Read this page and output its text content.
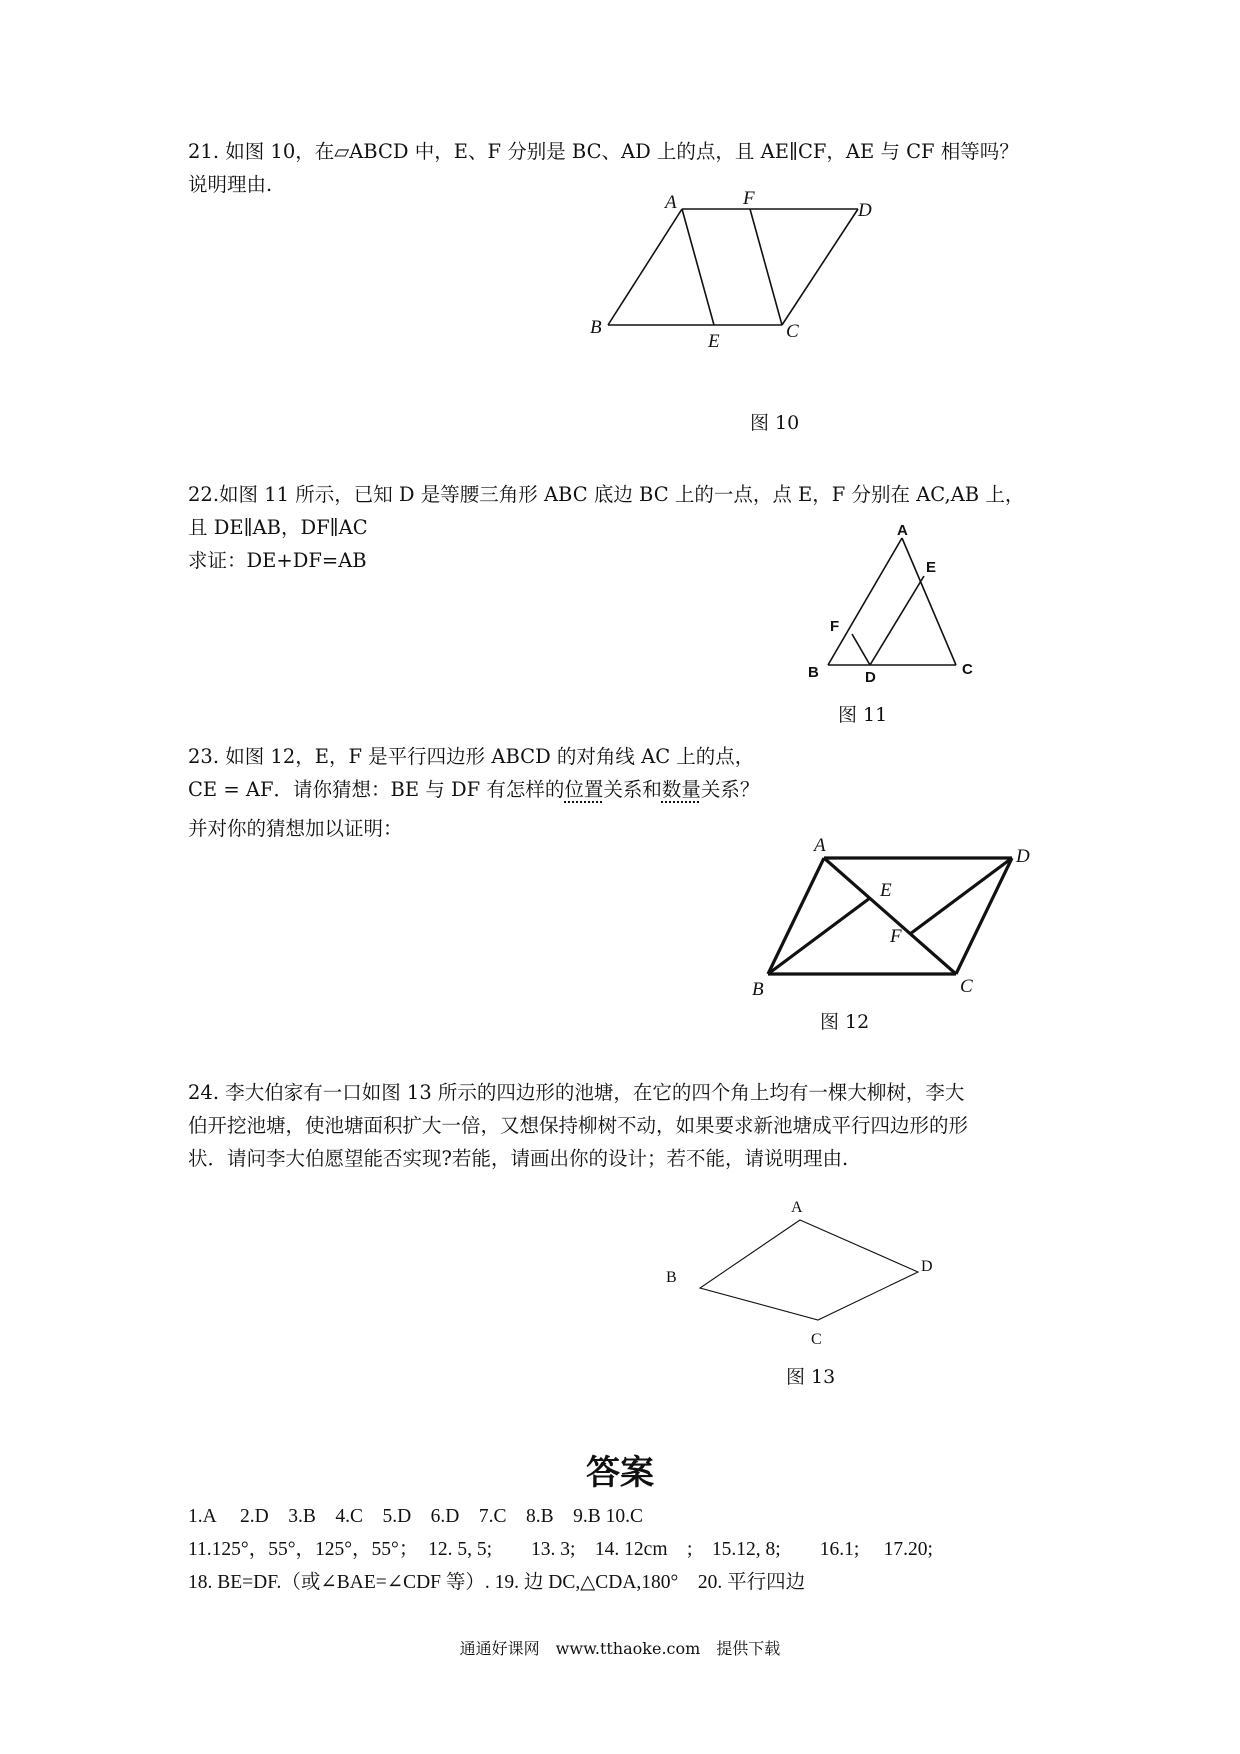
21. 如图 10，在▱ABCD 中，E、F 分别是 BC、AD 上的点，且 AE∥CF，AE 与 CF 相等吗？
说明理由.
A	F
D
B
E	C
图 10
22.如图 11 所示，已知 D 是等腰三角形 ABC 底边 BC 上的一点，点 E，F 分别在 AC,AB 上，
且 DE∥AB，DF∥AC
求证：DE+DF=AB
A
E
F
B	D	C
图 11
23. 如图 12，E，F 是平行四边形 ABCD 的对角线 AC 上的点，
CE = AF．请你猜想：BE 与 DF 有怎样的位置关系和数量关系？
并对你的猜想加以证明：
A
D
E
F
B	C
图 12
24. 李大伯家有一口如图 13 所示的四边形的池塘，在它的四个角上均有一棵大柳树，李大
伯开挖池塘，使池塘面积扩大一倍，又想保持柳树不动，如果要求新池塘成平行四边形的形
状．请问李大伯愿望能否实现?若能，请画出你的设计；若不能，请说明理由.
A
B
C
D
图 13
答案
1.A　 2.D　3.B　4.C　5.D　6.D　7.C　8.B　9.B 10.C
11.125°，55°，125°，55°；　12. 5, 5;　　13. 3;　14. 12cm　;　15.12, 8;　　16.1;　 17.20;
18. BE=DF.（或∠BAE=∠CDF 等）. 19. 边 DC,△CDA,180°　20. 平行四边
通通好课网　www.tthaoke.com　提供下载
